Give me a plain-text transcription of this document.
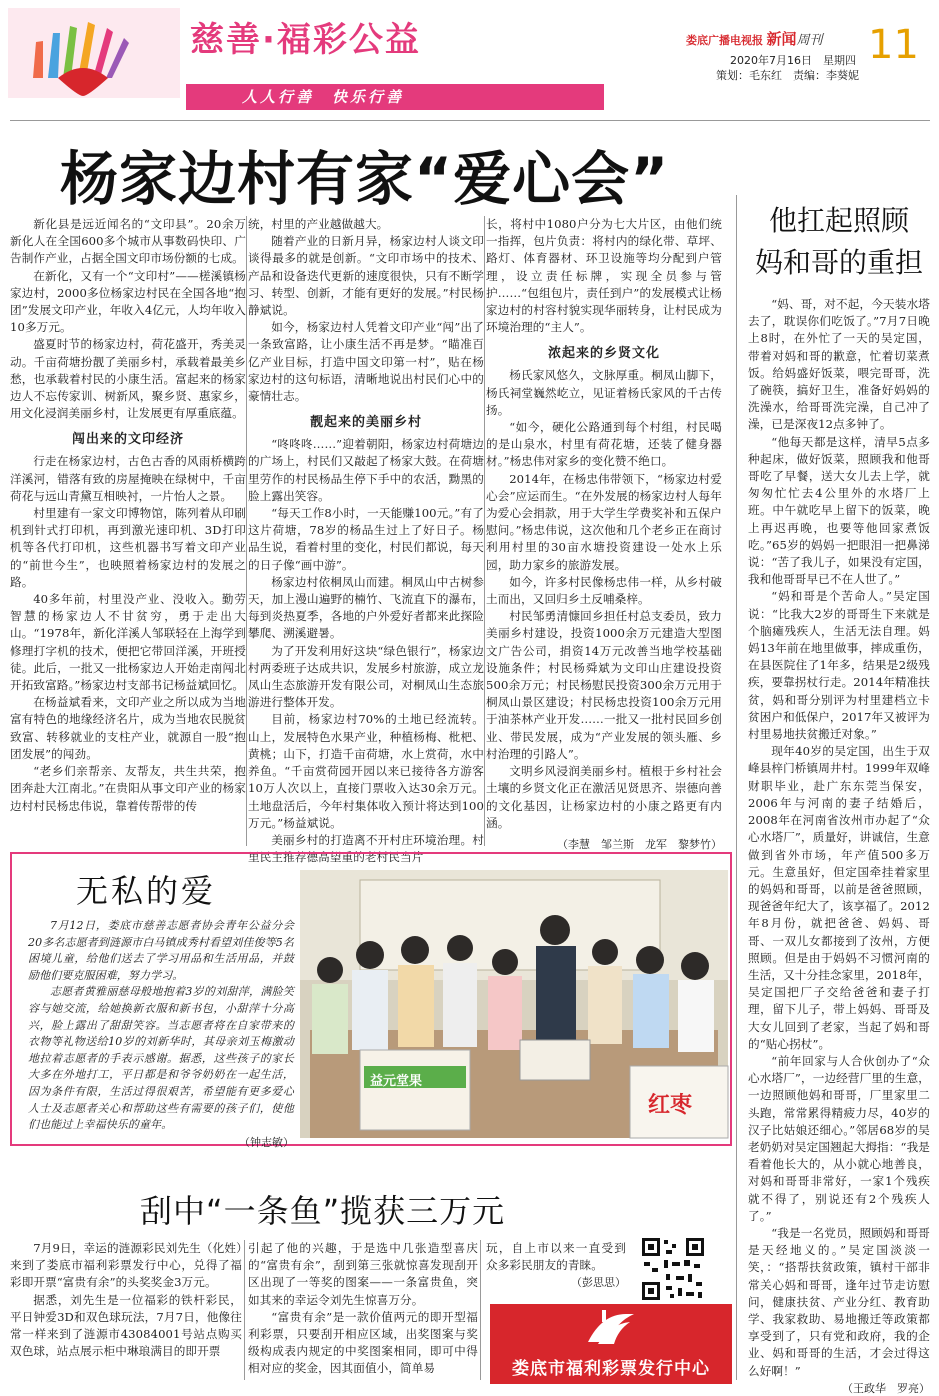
慈善·福彩公益
人人行善　快乐行善
娄底广播电视报 新闻周刊 11
2020年7月16日　星期四
策划：毛东红　责编：李葵妮
杨家边村有家“爱心会”

新化县是远近闻名的“文印县”。20余万新化人在全国600多个城市从事数码快印、广告制作产业，占据全国文印市场份额的七成。

在新化，又有一个“文印村”——槎溪镇杨家边村，2000多位杨家边村民在全国各地“抱团”发展文印产业，年收入4亿元，人均年收入10多万元。

盛夏时节的杨家边村，荷花盛开，秀美灵动。千亩荷塘扮靓了美丽乡村，承载着最美乡愁，也承载着村民的小康生活。富起来的杨家边人不忘传家训、树新风，聚乡贤、惠家乡，用文化浸润美丽乡村，让发展更有厚重底蕴。

闯出来的文印经济

行走在杨家边村，古色古香的风雨桥横跨洋溪河，错落有致的房屋掩映在绿树中，千亩荷花与远山青黛互相映衬，一片怡人之景。

村里建有一家文印博物馆，陈列着从印刷机到针式打印机，再到激光速印机、3D打印机等各代打印机，这些机器书写着文印产业的“前世今生”，也映照着杨家边村的发展之路。

40多年前，村里没产业、没收入。勤劳智慧的杨家边人不甘贫穷，勇于走出大山。“1978年，新化洋溪人邹联轻在上海学到修理打字机的技术，便把它带回洋溪，开班授徒。此后，一批又一批杨家边人开始走南闯北开拓致富路。”杨家边村支部书记杨益斌回忆。

在杨益斌看来，文印产业之所以成为当地富有特色的地缘经济名片，成为当地农民脱贫致富、转移就业的支柱产业，就源自一股“抱团发展”的闯劲。

“老乡们亲帮亲、友帮友，共生共荣，抱团奔赴大江南北。”在贵阳从事文印产业的杨家边村村民杨忠伟说，靠着传帮带的传

统，村里的产业越做越大。

随着产业的日新月异，杨家边村人谈文印谈得最多的就是创新。“文印市场中的技术、产品和设备迭代更新的速度很快，只有不断学习、转型、创新，才能有更好的发展。”村民杨静斌说。

如今，杨家边村人凭着文印产业“闯”出了一条致富路，让小康生活不再是梦。“瞄准百亿产业目标，打造中国文印第一村”，贴在杨家边村的这句标语，清晰地说出村民们心中的豪情壮志。

靓起来的美丽乡村

“咚咚咚……”迎着朝阳，杨家边村荷塘边的广场上，村民们又敲起了杨家大鼓。在荷塘里劳作的村民杨品生停下手中的农活，黝黑的脸上露出笑容。

“每天工作8小时，一天能赚100元。”有了这片荷塘，78岁的杨品生过上了好日子。杨品生说，看着村里的变化，村民们都说，每天的日子像“画中游”。

杨家边村依桐凤山而建。桐凤山中古树参天，加上漫山遍野的楠竹、飞流直下的瀑布，每到炎热夏季，各地的户外爱好者都来此探险攀爬、溯溪避暑。

为了开发利用好这块“绿色银行”，杨家边村两委班子达成共识，发展乡村旅游，成立龙凤山生态旅游开发有限公司，对桐凤山生态旅游进行整体开发。

目前，杨家边村70%的土地已经流转。山上，发展特色水果产业，种植杨梅、枇杷、黄桃；山下，打造千亩荷塘，水上赏荷，水中养鱼。“千亩赏荷园开园以来已接待各方游客10万人次以上，直接门票收入达30余万元。土地盘活后，今年村集体收入预计将达到100万元。”杨益斌说。

美丽乡村的打造离不开村庄环境治理。村里民主推荐德高望重的老村民当片

长，将村中1080户分为七大片区，由他们统一指挥，包片负责：将村内的绿化带、草坪、路灯、体育器材、环卫设施等均分配到户管理，设立责任标牌，实现全员参与管护……“包组包片，责任到户”的发展模式让杨家边村的村容村貌实现华丽转身，让村民成为环境治理的“主人”。

浓起来的乡贤文化

杨氏家风悠久，文脉厚重。桐凤山脚下，杨氏祠堂巍然屹立，见证着杨氏家风的千古传扬。

“如今，硬化公路通到每个村组，村民喝的是山泉水，村里有荷花塘，还装了健身器材。”杨忠伟对家乡的变化赞不绝口。

2014年，在杨忠伟带领下，“杨家边村爱心会”应运而生。“在外发展的杨家边村人每年为爱心会捐款，用于大学生学费奖补和五保户慰问。”杨忠伟说，这次他和几个老乡正在商讨利用村里的30亩水塘投资建设一处水上乐园，助力家乡的旅游发展。

如今，许多村民像杨忠伟一样，从乡村破土而出，又回归乡土反哺桑梓。

村民邹勇清慷回乡担任村总支委员，致力美丽乡村建设，投资1000余万元建造大型图文广告公司，捐资14万元改善当地学校基础设施条件；村民杨舜斌为文印山庄建设投资500余万元；村民杨慰民投资300余万元用于桐凤山景区建设；村民杨忠投资100余万元用于油茶林产业开发……一批又一批村民回乡创业、带民发展，成为“产业发展的领头雁、乡村治理的引路人”。

文明乡风浸润美丽乡村。植根于乡村社会土壤的乡贤文化正在激活见贤思齐、崇德向善的文化基因，让杨家边村的小康之路更有内涵。

（李慧　邹兰斯　龙军　黎梦竹）
他扛起照顾
妈和哥的重担

“妈、哥，对不起，今天装水塔去了，耽误你们吃饭了。”7月7日晚上8时，在外忙了一天的吴定国，带着对妈和哥的歉意，忙着切菜煮饭。给妈盛好饭菜，喂完哥哥，洗了碗筷，搞好卫生，准备好妈妈的洗澡水，给哥哥洗完澡，自己冲了澡，已是深夜12点多钟了。

“他每天都是这样，清早5点多种起床，做好饭菜，照顾我和他哥哥吃了早餐，送大女儿去上学，就匆匆忙忙去4公里外的水塔厂上班。中午就吃早上留下的饭菜，晚上再迟再晚，也要等他回家煮饭吃。”65岁的妈妈一把眼泪一把鼻涕说：“苦了我儿子，如果没有定国，我和他哥哥早已不在人世了。”

“妈和哥是个苦命人。”吴定国说：“比我大2岁的哥哥生下来就是个脑瘫残疾人，生活无法自理。妈妈13年前在地里做事，摔成重伤，在县医院住了1年多，结果是2级残疾，要靠拐杖行走。2014年精准扶贫，妈和哥分别评为村里建档立卡贫困户和低保户，2017年又被评为村里易地扶贫搬迁对象。”

现年40岁的吴定国，出生于双峰县梓门桥镇周井村。1999年双峰财职毕业，赴广东东莞当保安，2006年与河南的妻子结婚后，2008年在河南省汝州市办起了“众心水塔厂”，质量好，讲诚信，生意做到省外市场，年产值500多万元。生意虽好，但定国牵挂着家里的妈妈和哥哥，以前是爸爸照顾，现爸爸年纪大了，该享福了。2012年8月份，就把爸爸、妈妈、哥哥、一双儿女都接到了汝州，方便照顾。但是由于妈妈不习惯河南的生活，又十分挂念家里，2018年，吴定国把厂子交给爸爸和妻子打理，留下儿子，带上妈妈、哥哥及大女儿回到了老家，当起了妈和哥的“贴心拐杖”。

“前年回家与人合伙创办了“众心水塔厂”，一边经营厂里的生意，一边照顾他妈和哥哥，厂里家里二头跑，常常累得精疲力尽，40岁的汉子比姑娘还细心。”邻居68岁的吴老奶奶对吴定国翘起大拇指：“我是看着他长大的，从小就心地善良，对妈和哥哥非常好，一家1个残疾就不得了，别说还有2个残疾人了。”

“我是一名党员，照顾妈和哥哥是天经地义的。”吴定国淡淡一笑，：“搭帮扶贫政策，镇村干部非常关心妈和哥哥，逢年过节走访慰问，健康扶贫、产业分红、教育助学、我家救助、易地搬迁等政策都享受到了，只有党和政府，我的企业、妈和哥哥的生活，才会过得这么好啊！”

（王政华　罗亮）
无私的爱

7月12日，娄底市慈善志愿者协会青年公益分会20多名志愿者到涟源市白马镇成秀村看望刘佳俊等5名困境儿童，给他们送去了学习用品和生活用品，并鼓励他们要克服困难，努力学习。

志愿者黄雅丽慈母般地抱着3岁的刘甜萍，满脸笑容与她交流，给她换新衣服和新书包，小甜萍十分高兴，脸上露出了甜甜笑容。当志愿者将在自家带来的衣物等礼物送给10岁的刘新华时，其母亲刘玉梅激动地拉着志愿者的手表示感谢。据悉，这些孩子的家长大多在外地打工，平日都是和爷爷奶奶在一起生活，因为条件有限，生活过得很艰苦，希望能有更多爱心人士及志愿者关心和帮助这些有需要的孩子们，使他们也能过上幸福快乐的童年。

（钟志敏）
益元堂果
红枣
刮中“一条鱼”揽获三万元

7月9日，幸运的涟源彩民刘先生（化姓）来到了娄底市福利彩票发行中心，兑得了福彩即开票“富贵有余”的头奖奖金3万元。

据悉，刘先生是一位福彩的铁杆彩民，平日钟爱3D和双色球玩法，7月7日，他像往常一样来到了涟源市43084001号站点购买双色球，站点展示柜中琳琅满目的即开票

引起了他的兴趣，于是选中几张造型喜庆的“富贵有余”，刮到第三张就惊喜发现刮开区出现了一等奖的图案——一条富贵鱼，突如其来的幸运令刘先生惊喜万分。

“富贵有余”是一款价值两元的即开型福利彩票，只要刮开相应区域，出奖图案与奖级构成表内规定的中奖图案相同，即可中得相对应的奖金，因其面值小，简单易

玩，自上市以来一直受到众多彩民朋友的青睐。

（彭思思）
娄底市福利彩票发行中心
